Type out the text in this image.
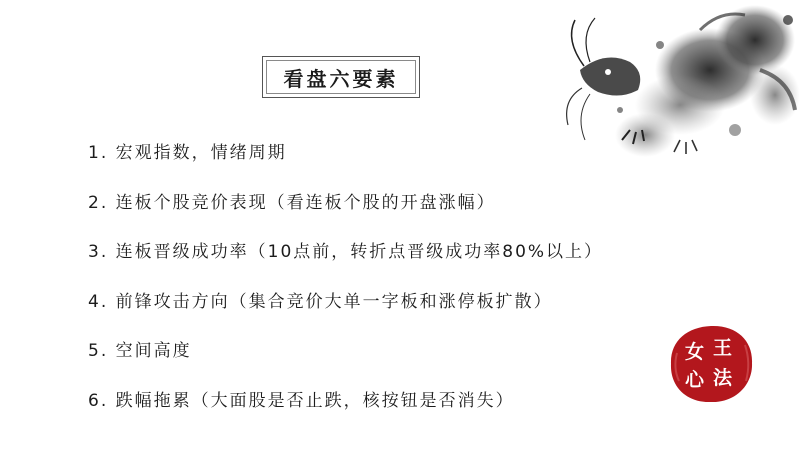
看盘六要素
1. 宏观指数，情绪周期
2. 连板个股竞价表现（看连板个股的开盘涨幅）
3. 连板晋级成功率（10点前，转折点晋级成功率80%以上）
4. 前锋攻击方向（集合竞价大单一字板和涨停板扩散）
5. 空间高度
6. 跌幅拖累（大面股是否止跌，核按钮是否消失）
女 王
心 法
